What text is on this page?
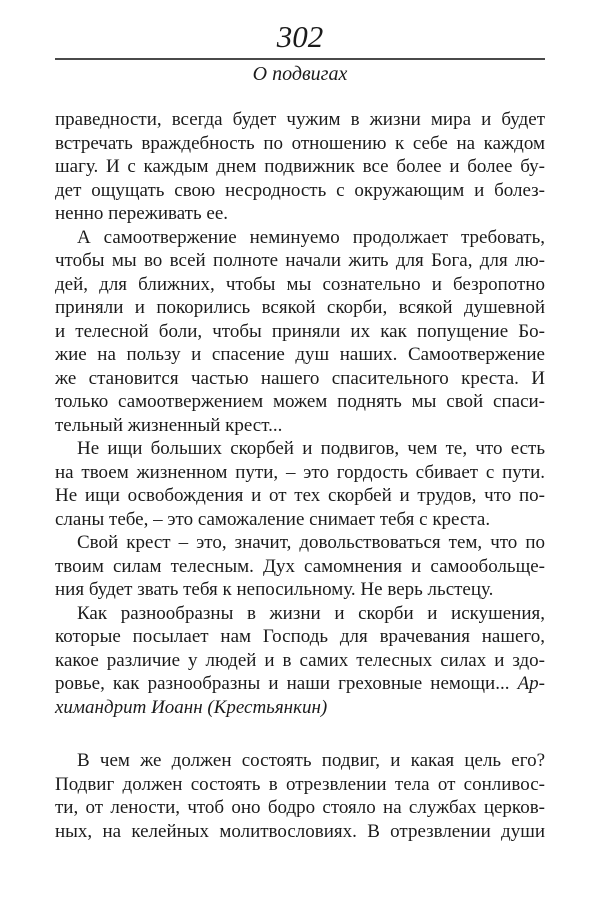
302
О подвигах
праведности, всегда будет чужим в жизни мира и будет
встречать враждебность по отношению к себе на каждом
шагу. И с каждым днем подвижник все более и более бу-
дет ощущать свою несродность с окружающим и болез-
ненно переживать ее.
А самоотвержение неминуемо продолжает требовать,
чтобы мы во всей полноте начали жить для Бога, для лю-
дей, для ближних, чтобы мы сознательно и безропотно
приняли и покорились всякой скорби, всякой душевной
и телесной боли, чтобы приняли их как попущение Бо-
жие на пользу и спасение душ наших. Самоотвержение
же становится частью нашего спасительного креста. И
только самоотвержением можем поднять мы свой спаси-
тельный жизненный крест...
Не ищи больших скорбей и подвигов, чем те, что есть
на твоем жизненном пути, – это гордость сбивает с пути.
Не ищи освобождения и от тех скорбей и трудов, что по-
сланы тебе, – это саможаление снимает тебя с креста.
Свой крест – это, значит, довольствоваться тем, что по
твоим силам телесным. Дух самомнения и самообольще-
ния будет звать тебя к непосильному. Не верь льстецу.
Как разнообразны в жизни и скорби и искушения,
которые посылает нам Господь для врачевания нашего,
какое различие у людей и в самих телесных силах и здо-
ровье, как разнообразны и наши греховные немощи... Ар-
химандрит Иоанн (Крестьянкин)
В чем же должен состоять подвиг, и какая цель его?
Подвиг должен состоять в отрезвлении тела от сонливос-
ти, от лености, чтоб оно бодро стояло на службах церков-
ных, на келейных молитвословиях. В отрезвлении души
